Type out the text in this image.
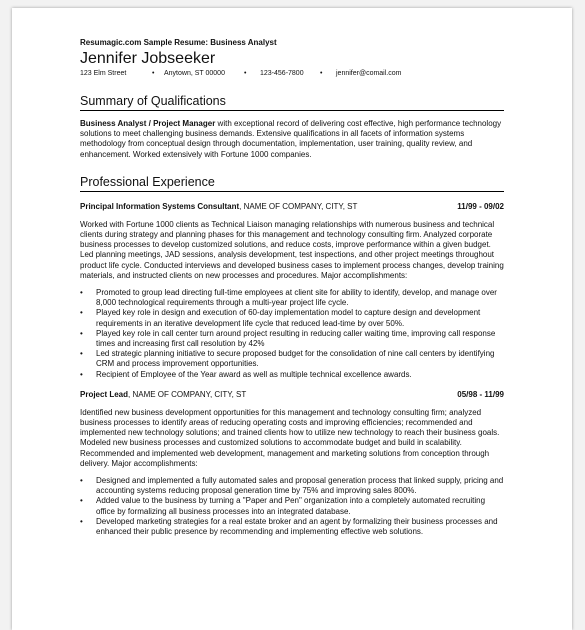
Resumagic.com Sample Resume: Business Analyst
Jennifer Jobseeker
123 Elm Street	•	Anytown, ST 00000	•	123-456-7800	•	jennifer@comail.com
Summary of Qualifications
Business Analyst / Project Manager with exceptional record of delivering cost effective, high performance technology solutions to meet challenging business demands. Extensive qualifications in all facets of information systems methodology from conceptual design through documentation, implementation, user training, quality review, and enhancement. Worked extensively with Fortune 1000 companies.
Professional Experience
Principal Information Systems Consultant, NAME OF COMPANY, CITY, ST	11/99 - 09/02
Worked with Fortune 1000 clients as Technical Liaison managing relationships with numerous business and technical clients during strategy and planning phases for this management and technology consulting firm. Analyzed corporate business processes to develop customized solutions, and reduce costs, improve performance within a given budget. Led planning meetings, JAD sessions, analysis development, test inspections, and other project meetings throughout product life cycle. Conducted interviews and developed business cases to implement process changes, develop training materials, and instructed clients on new processes and procedures. Major accomplishments:
• Promoted to group lead directing full-time employees at client site for ability to identify, develop, and manage over 8,000 technological requirements through a multi-year project life cycle.
• Played key role in design and execution of 60-day implementation model to capture design and development requirements in an iterative development life cycle that reduced lead-time by over 50%.
• Played key role in call center turn around project resulting in reducing caller waiting time, improving call response times and increasing first call resolution by 42%
• Led strategic planning initiative to secure proposed budget for the consolidation of nine call centers by identifying CRM and process improvement opportunities.
• Recipient of Employee of the Year award as well as multiple technical excellence awards.
Project Lead, NAME OF COMPANY, CITY, ST	05/98 - 11/99
Identified new business development opportunities for this management and technology consulting firm; analyzed business processes to identify areas of reducing operating costs and improving efficiencies; recommended and implemented new technology solutions; and trained clients how to utilize new technology to reach their business goals. Modeled new business processes and customized solutions to accommodate budget and build in scalability. Recommended and implemented web development, management and marketing solutions from conception through delivery. Major accomplishments:
• Designed and implemented a fully automated sales and proposal generation process that linked supply, pricing and accounting systems reducing proposal generation time by 75% and improving sales 800%.
• Added value to the business by turning a "Paper and Pen" organization into a completely automated recruiting office by formalizing all business processes into an integrated database.
• Developed marketing strategies for a real estate broker and an agent by formalizing their business processes and enhanced their public presence by recommending and implementing effective web solutions.
